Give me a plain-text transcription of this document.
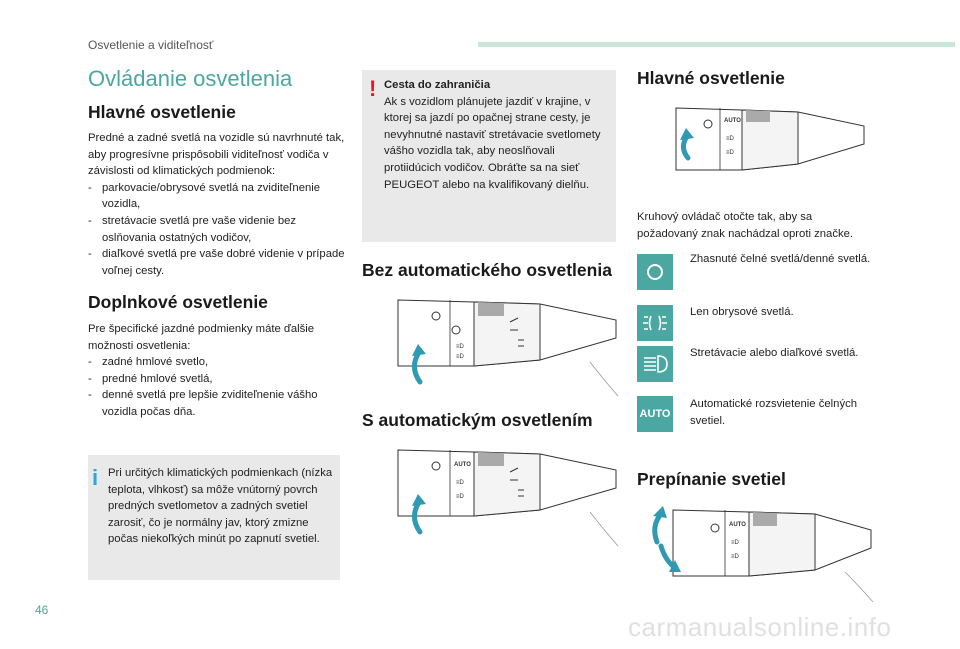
Osvetlenie a viditeľnosť
Ovládanie osvetlenia
Hlavné osvetlenie

Predné a zadné svetlá na vozidle sú navrhnuté tak, aby progresívne prispôsobili viditeľnosť vodiča v závislosti od klimatických podmienok:

- parkovacie/obrysové svetlá na zviditeľnenie vozidla,
- stretávacie svetlá pre vaše videnie bez oslňovania ostatných vodičov,
- diaľkové svetlá pre vaše dobré videnie v prípade voľnej cesty.
Doplnkové osvetlenie

Pre špecifické jazdné podmienky máte ďalšie možnosti osvetlenia:

- zadné hmlové svetlo,
- predné hmlové svetlá,
- denné svetlá pre lepšie zviditeľnenie vášho vozidla počas dňa.
i Pri určitých klimatických podmienkach (nízka teplota, vlhkosť) sa môže vnútorný povrch predných svetlometov a zadných svetiel zarosiť, čo je normálny jav, ktorý zmizne počas niekoľkých minút po zapnutí svetiel.
! Cesta do zahraničia
Ak s vozidlom plánujete jazdiť v krajine, v ktorej sa jazdí po opačnej strane cesty, je nevyhnutné nastaviť stretávacie svetlomety vášho vozidla tak, aby neoslňovali protiidúcich vodičov. Obráťte sa na sieť PEUGEOT alebo na kvalifikovaný dielňu.
Bez automatického osvetlenia
≡D
≡D
S automatickým osvetlením
AUTO
≡D
≡D
Hlavné osvetlenie
AUTO
≡D
≡D
Kruhový ovládač otočte tak, aby sa požadovaný znak nachádzal oproti značke.
Zhasnuté čelné svetlá/denné svetlá.
Len obrysové svetlá.
Stretávacie alebo diaľkové svetlá.
AUTO
Automatické rozsvietenie čelných svetiel.
Prepínanie svetiel
AUTO
≡D
≡D
46
carmanualsonline.info
